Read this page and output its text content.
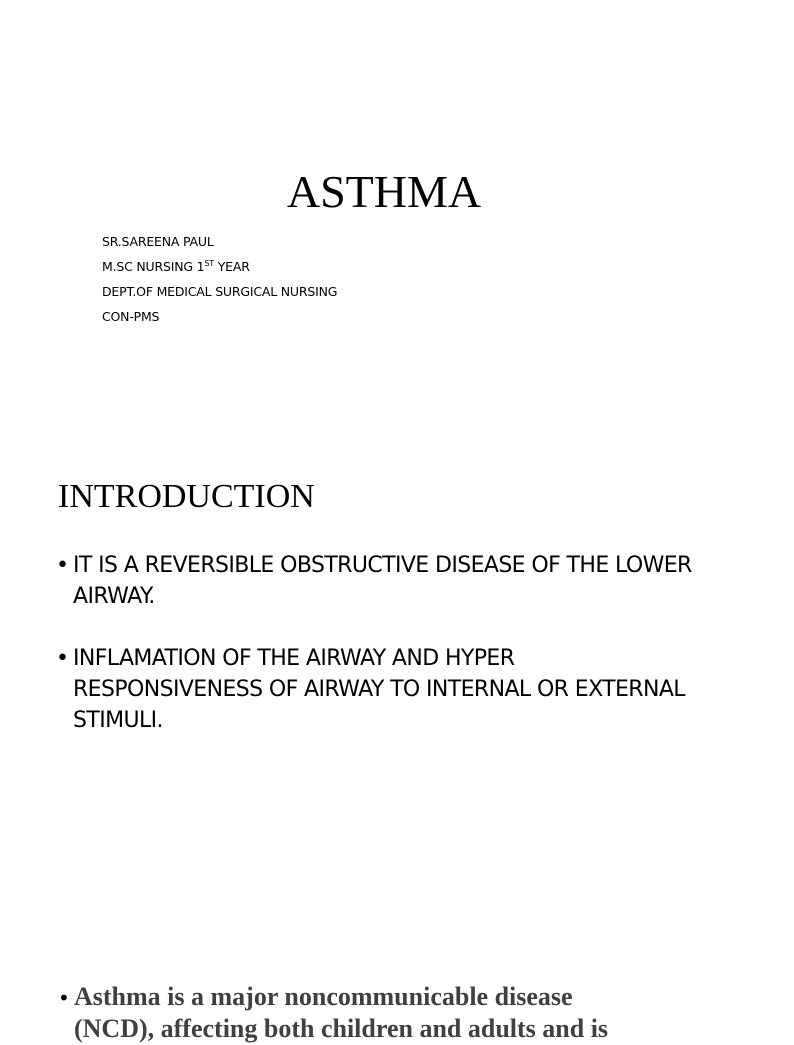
ASTHMA

SR.SAREENA PAUL

M.SC NURSING 1ST YEAR

DEPT.OF MEDICAL SURGICAL NURSING

CON-PMS

INTRODUCTION
• IT IS A REVERSIBLE OBSTRUCTIVE DISEASE OF THE LOWER AIRWAY.
• INFLAMATION OF THE AIRWAY AND HYPER RESPONSIVENESS OF AIRWAY TO INTERNAL OR EXTERNAL STIMULI.
• Asthma is a major noncommunicable disease
(NCD), affecting both children and adults and is
